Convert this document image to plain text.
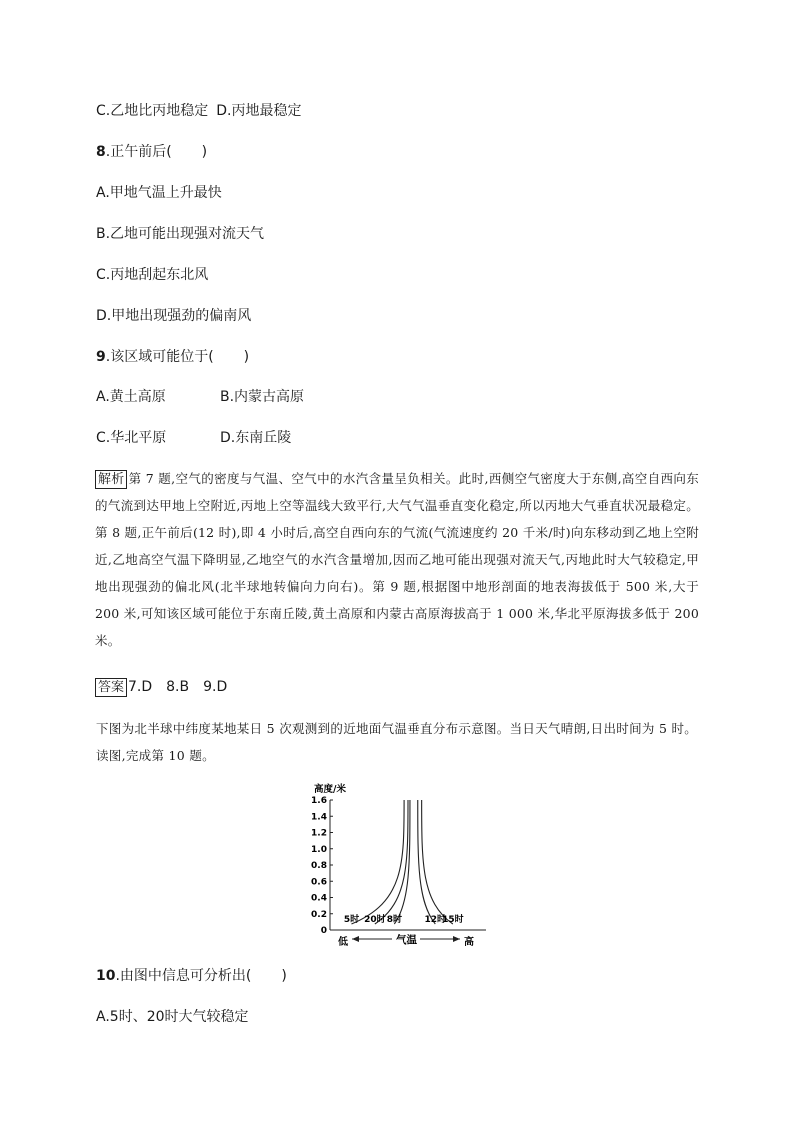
C.乙地比丙地稳定 D.丙地最稳定
8.正午前后( )
A.甲地气温上升最快
B.乙地可能出现强对流天气
C.丙地刮起东北风
D.甲地出现强劲的偏南风
9.该区域可能位于( )
A.黄土高原	B.内蒙古高原
C.华北平原	D.东南丘陵
解析 第 7 题,空气的密度与气温、空气中的水汽含量呈负相关。此时,西侧空气密度大于东侧,高空自西向东的气流到达甲地上空附近,丙地上空等温线大致平行,大气气温垂直变化稳定,所以丙地大气垂直状况最稳定。第 8 题,正午前后(12 时),即 4 小时后,高空自西向东的气流(气流速度约 20 千米/时)向东移动到乙地上空附近,乙地高空气温下降明显,乙地空气的水汽含量增加,因而乙地可能出现强对流天气,丙地此时大气较稳定,甲地出现强劲的偏北风(北半球地转偏向力向右)。第 9 题,根据图中地形剖面的地表海拔低于 500 米,大于 200 米,可知该区域可能位于东南丘陵,黄土高原和内蒙古高原海拔高于 1 000 米,华北平原海拔多低于 200 米。
答案 7.D　8.B　9.D
下图为北半球中纬度某地某日 5 次观测到的近地面气温垂直分布示意图。当日天气晴朗,日出时间为 5 时。读图,完成第 10 题。
高度/米
0
0.2
0.4
0.6
0.8
1.0
1.2
1.4
1.6
5时 20时 8时	12时
15时
低	气温	高
10.由图中信息可分析出( )
A.5时、20时大气较稳定
